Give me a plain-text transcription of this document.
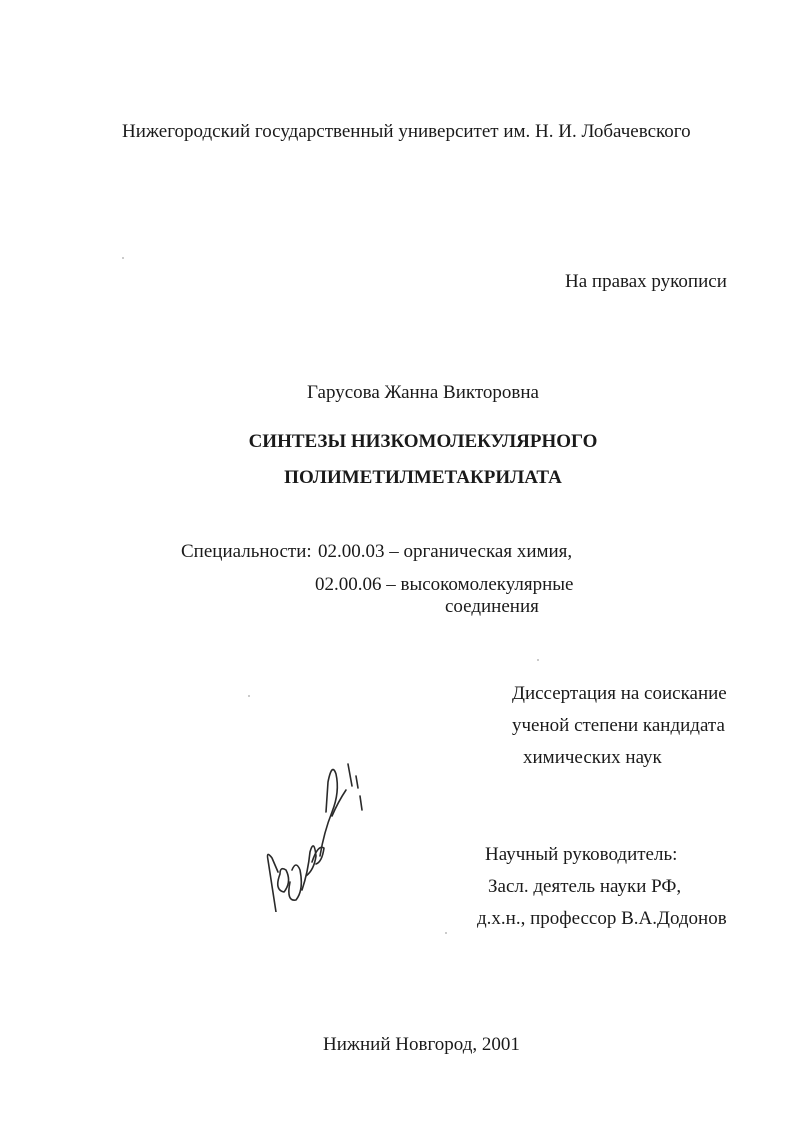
Нижегородский государственный университет им. Н. И. Лобачевского
На правах рукописи
Гарусова Жанна Викторовна
СИНТЕЗЫ НИЗКОМОЛЕКУЛЯРНОГО
ПОЛИМЕТИЛМЕТАКРИЛАТА
Специальности: 02.00.03 – органическая химия,
02.00.06 – высокомолекулярные
соединения
Диссертация на соискание
ученой степени кандидата
химических наук
Научный руководитель:
Засл. деятель науки РФ,
д.х.н., профессор В.А.Додонов
Нижний Новгород, 2001
